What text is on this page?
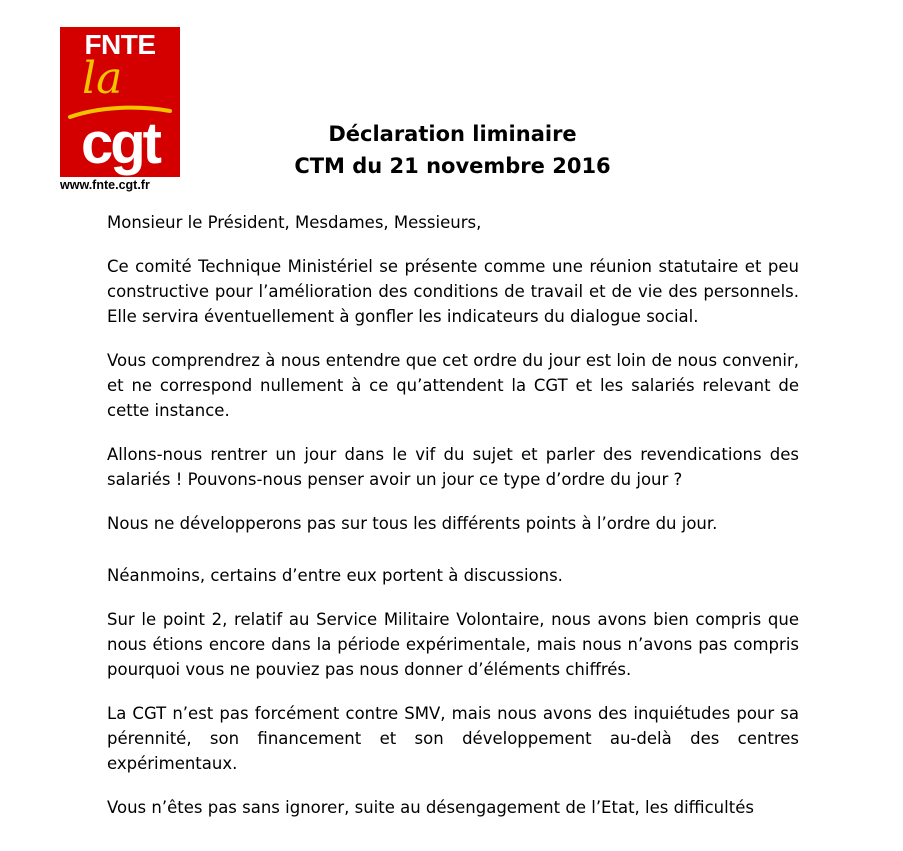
FNTE
la
cgt
www.fnte.cgt.fr
Déclaration liminaire
CTM du 21 novembre 2016

Monsieur le Président, Mesdames, Messieurs,

Ce comité Technique Ministériel se présente comme une réunion statutaire et peu constructive pour l’amélioration des conditions de travail et de vie des personnels. Elle servira éventuellement à gonfler les indicateurs du dialogue social.

Vous comprendrez à nous entendre que cet ordre du jour est loin de nous convenir, et ne correspond nullement à ce qu’attendent la CGT et les salariés relevant de cette instance.

Allons-nous rentrer un jour dans le vif du sujet et parler des revendications des salariés ! Pouvons-nous penser avoir un jour ce type d’ordre du jour ?

Nous ne développerons pas sur tous les différents points à l’ordre du jour.

Néanmoins, certains d’entre eux portent à discussions.

Sur le point 2, relatif au Service Militaire Volontaire, nous avons bien compris que nous étions encore dans la période expérimentale, mais nous n’avons pas compris pourquoi vous ne pouviez pas nous donner d’éléments chiffrés.

La CGT n’est pas forcément contre SMV, mais nous avons des inquiétudes pour sa pérennité, son financement et son développement au-delà des centres expérimentaux.

Vous n’êtes pas sans ignorer, suite au désengagement de l’Etat, les difficultés
